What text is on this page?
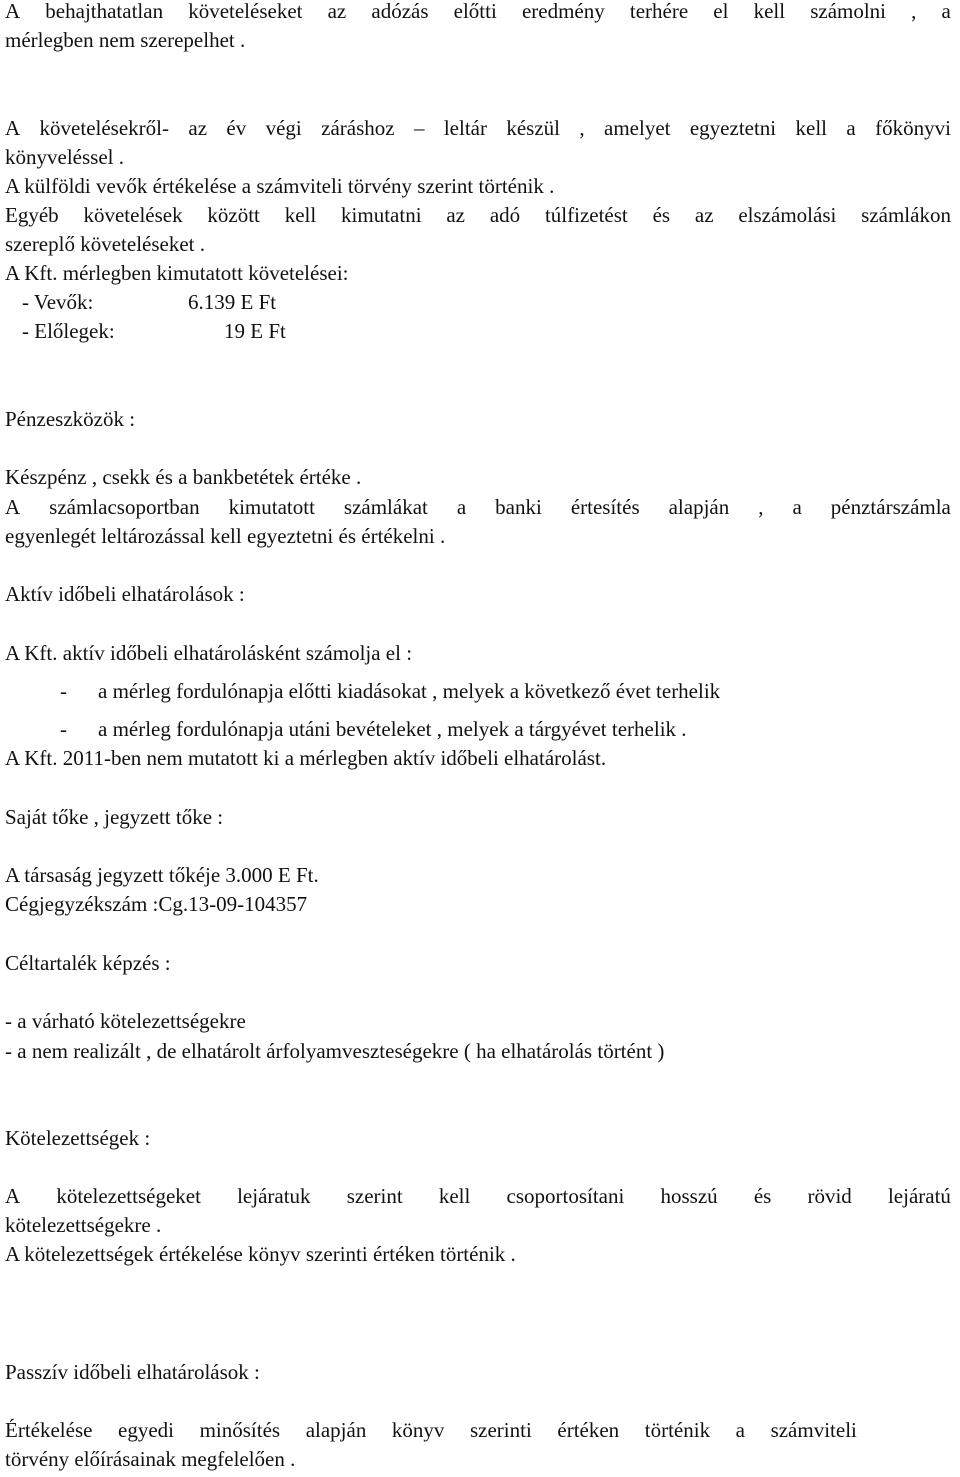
A behajthatatlan követeléseket az adózás előtti eredmény terhére el kell számolni , a
mérlegben nem szerepelhet .
A követelésekről- az év végi záráshoz – leltár készül , amelyet egyeztetni kell a főkönyvi
könyveléssel .
A külföldi vevők értékelése a számviteli törvény szerint történik .
Egyéb követelések között kell kimutatni az adó túlfizetést és az elszámolási számlákon
szereplő követeléseket .
A Kft. mérlegben kimutatott követelései:
- Vevők:	6.139 E Ft
- Előlegek:	19 E Ft
Pénzeszközök :
Készpénz , csekk és a bankbetétek értéke .
A számlacsoportban kimutatott számlákat a banki értesítés alapján , a pénztárszámla
egyenlegét leltározással kell egyeztetni és értékelni .
Aktív időbeli elhatárolások :
A Kft. aktív időbeli elhatárolásként számolja el :
- a mérleg fordulónapja előtti kiadásokat , melyek a következő évet terhelik
- a mérleg fordulónapja utáni bevételeket , melyek a tárgyévet terhelik .
A Kft. 2011-ben nem mutatott ki a mérlegben aktív időbeli elhatárolást.
Saját tőke , jegyzett tőke :
A társaság jegyzett tőkéje 3.000 E Ft.
Cégjegyzékszám :Cg.13-09-104357
Céltartalék képzés :
- a várható kötelezettségekre
- a nem realizált , de elhatárolt árfolyamveszteségekre ( ha elhatárolás történt )
Kötelezettségek :
A kötelezettségeket lejáratuk szerint kell csoportosítani hosszú és rövid lejáratú
kötelezettségekre .
A kötelezettségek értékelése könyv szerinti értéken történik .
Passzív időbeli elhatárolások :
Értékelése egyedi minősítés alapján könyv szerinti értéken történik a számviteli
törvény előírásainak megfelelően .
